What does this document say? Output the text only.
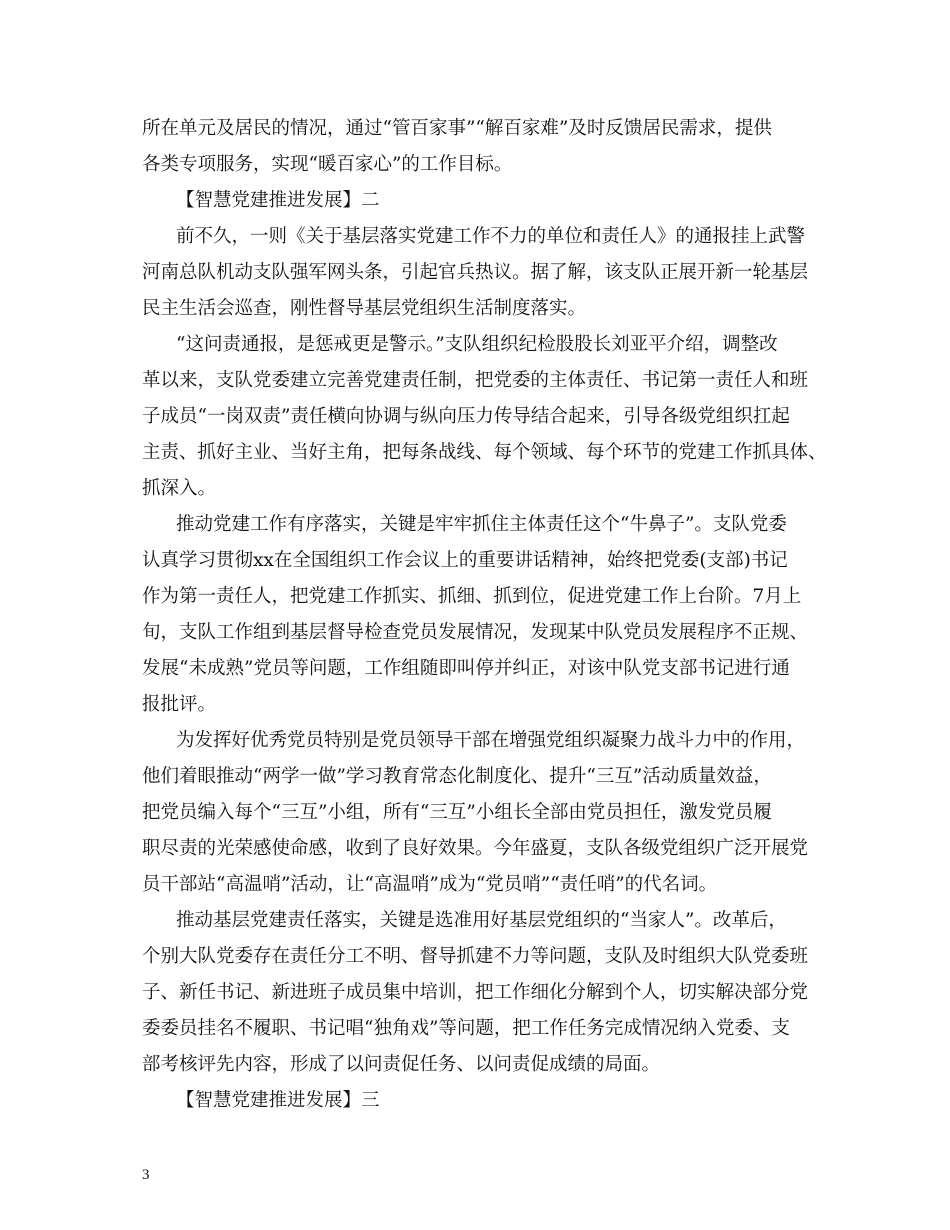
所在单元及居民的情况，通过“管百家事”“解百家难”及时反馈居民需求，提供
各类专项服务，实现“暖百家心”的工作目标。
【智慧党建推进发展】二
前不久，一则《关于基层落实党建工作不力的单位和责任人》的通报挂上武警
河南总队机动支队强军网头条，引起官兵热议。据了解，该支队正展开新一轮基层
民主生活会巡查，刚性督导基层党组织生活制度落实。
“这问责通报，是惩戒更是警示。”支队组织纪检股股长刘亚平介绍，调整改
革以来，支队党委建立完善党建责任制，把党委的主体责任、书记第一责任人和班
子成员“一岗双责”责任横向协调与纵向压力传导结合起来，引导各级党组织扛起
主责、抓好主业、当好主角，把每条战线、每个领域、每个环节的党建工作抓具体、
抓深入。
推动党建工作有序落实，关键是牢牢抓住主体责任这个“牛鼻子”。支队党委
认真学习贯彻xx在全国组织工作会议上的重要讲话精神，始终把党委(支部)书记
作为第一责任人，把党建工作抓实、抓细、抓到位，促进党建工作上台阶。7月上
旬，支队工作组到基层督导检查党员发展情况，发现某中队党员发展程序不正规、
发展“未成熟”党员等问题，工作组随即叫停并纠正，对该中队党支部书记进行通
报批评。
为发挥好优秀党员特别是党员领导干部在增强党组织凝聚力战斗力中的作用，
他们着眼推动“两学一做”学习教育常态化制度化、提升“三互”活动质量效益，
把党员编入每个“三互”小组，所有“三互”小组长全部由党员担任，激发党员履
职尽责的光荣感使命感，收到了良好效果。今年盛夏，支队各级党组织广泛开展党
员干部站“高温哨”活动，让“高温哨”成为“党员哨”“责任哨”的代名词。
推动基层党建责任落实，关键是选准用好基层党组织的“当家人”。改革后，
个别大队党委存在责任分工不明、督导抓建不力等问题，支队及时组织大队党委班
子、新任书记、新进班子成员集中培训，把工作细化分解到个人，切实解决部分党
委委员挂名不履职、书记唱“独角戏”等问题，把工作任务完成情况纳入党委、支
部考核评先内容，形成了以问责促任务、以问责促成绩的局面。
【智慧党建推进发展】三
3
